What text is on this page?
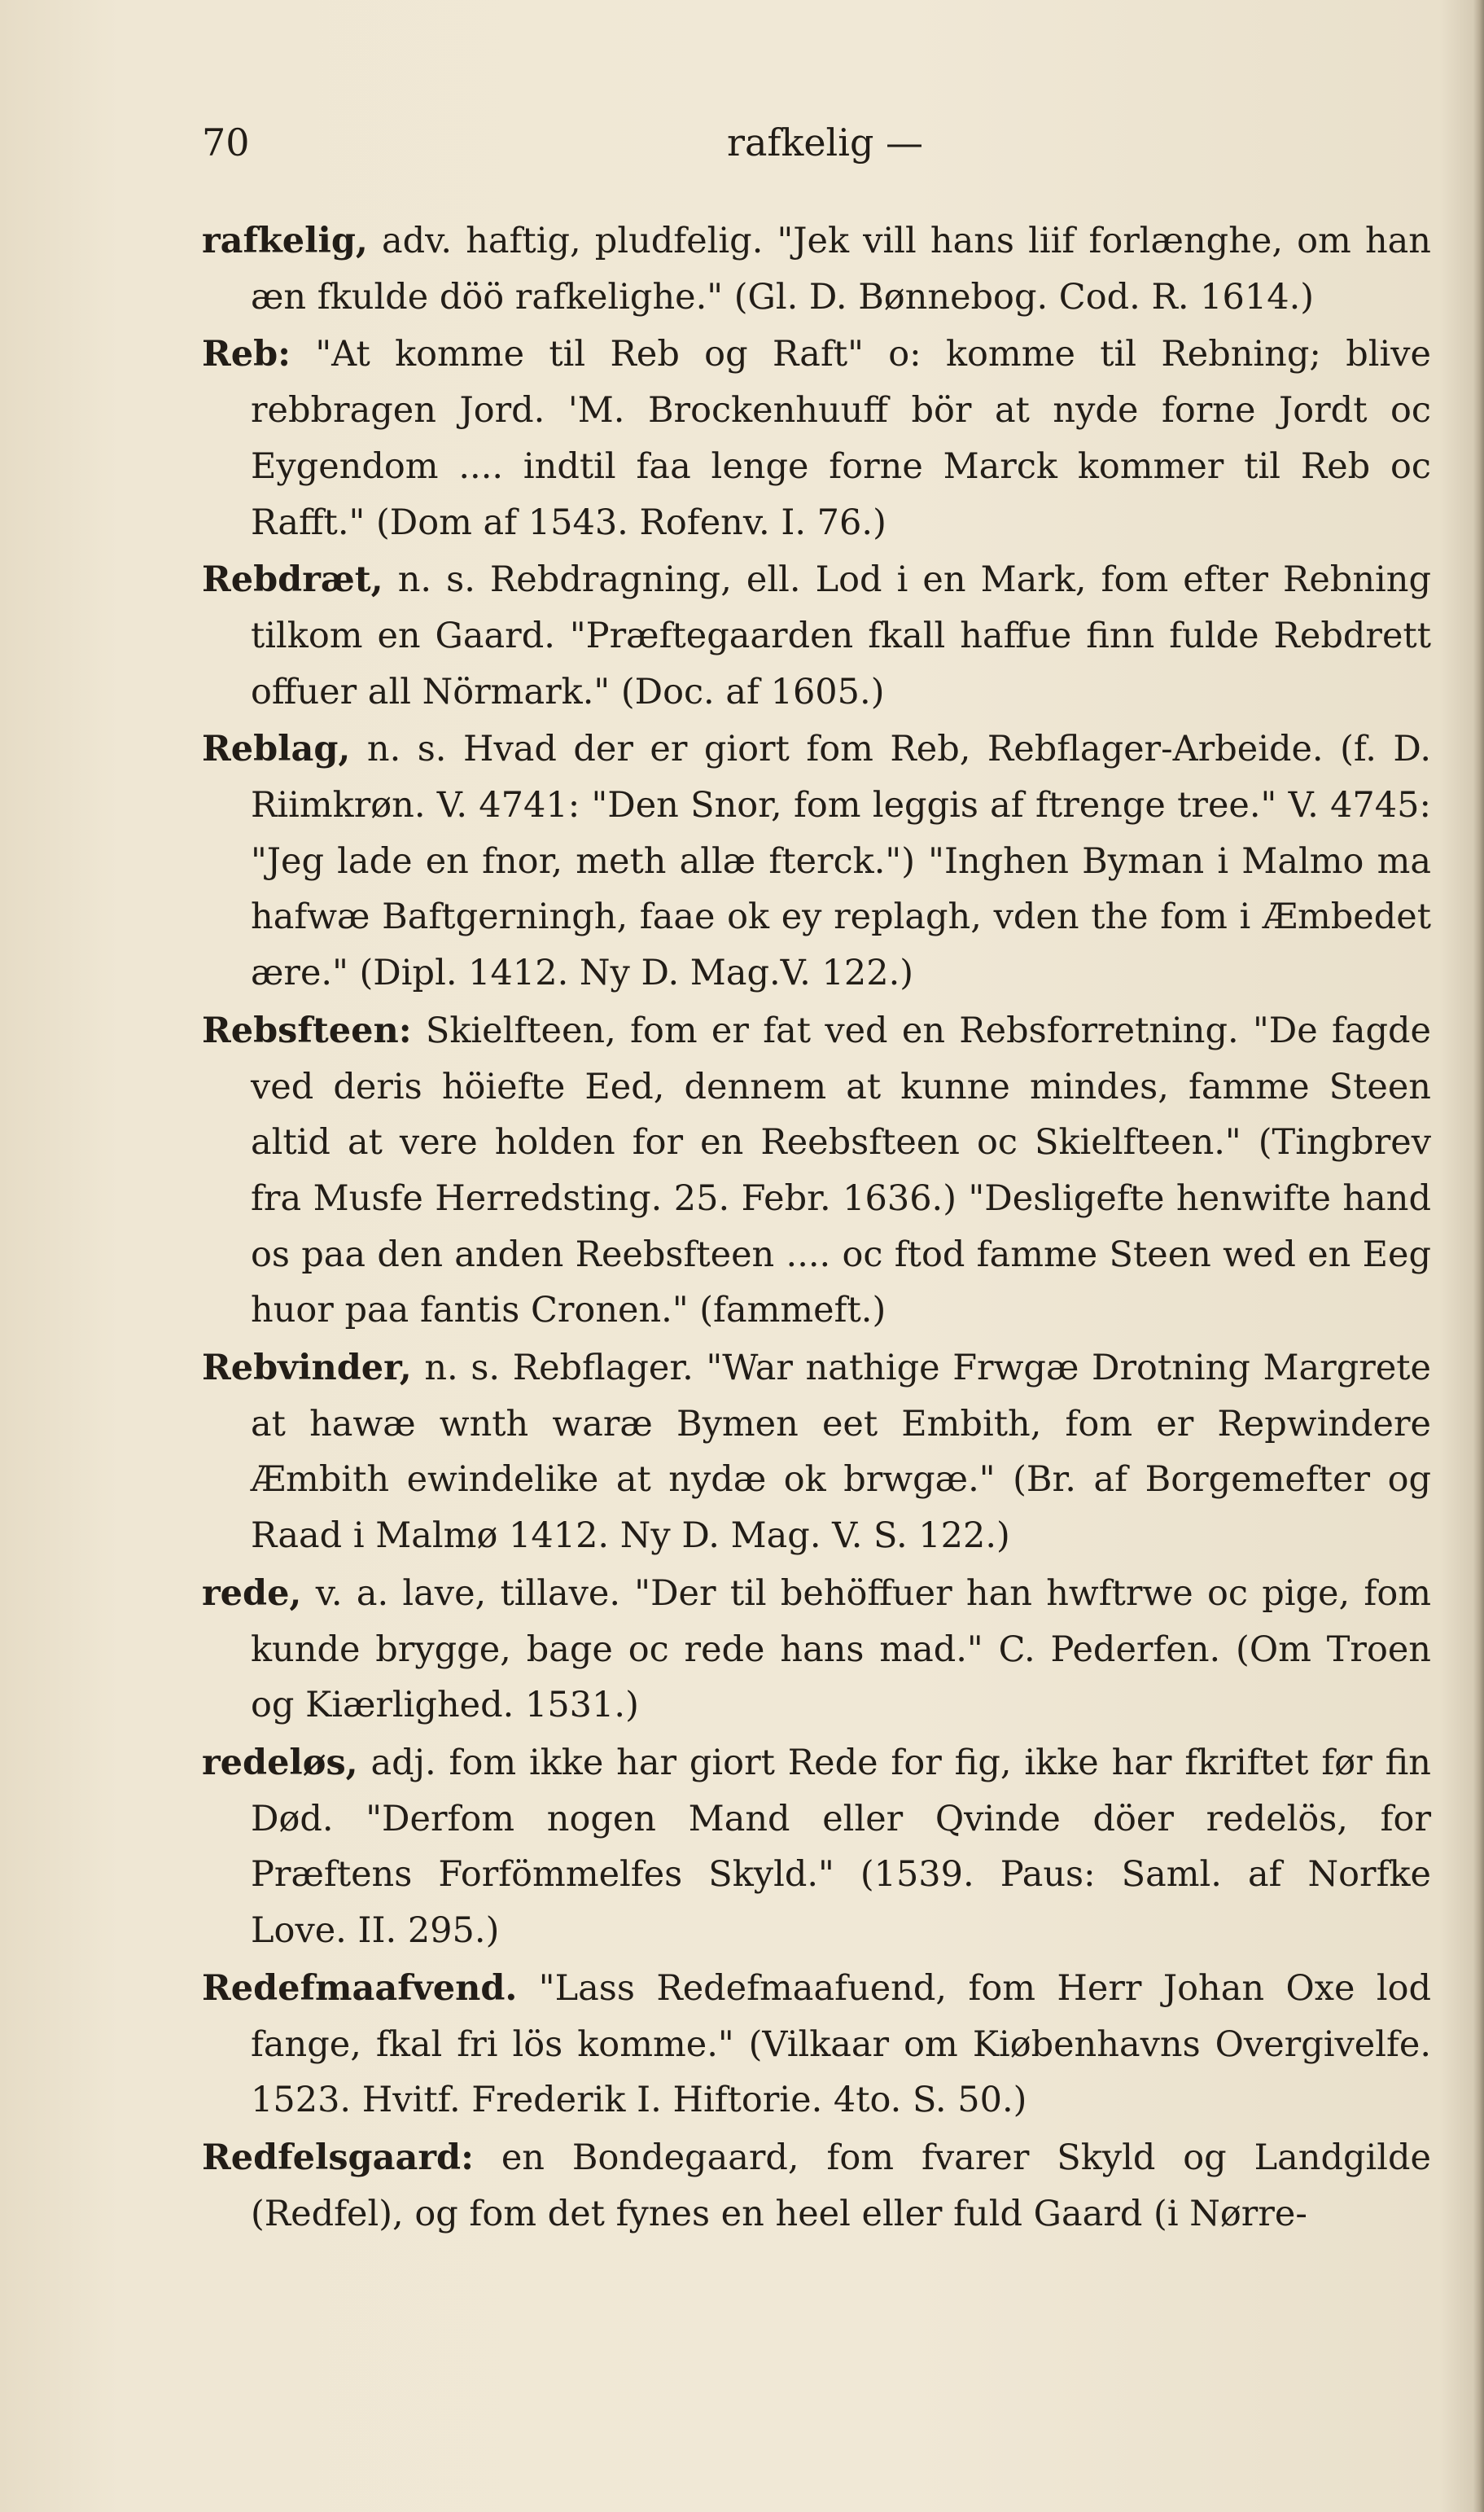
70	rafkelig —

rafkelig, adv. haftig, pludfelig. "Jek vill hans liif forlænghe, om han æn fkulde döö rafkelighe." (Gl. D. Bønnebog. Cod. R. 1614.)

Reb: "At komme til Reb og Raft" o: komme til Rebning; blive rebbragen Jord. 'M. Brockenhuuff bör at nyde forne Jordt oc Eygendom .... indtil faa lenge forne Marck kommer til Reb oc Rafft." (Dom af 1543. Rofenv. I. 76.)

Rebdræt, n. s. Rebdragning, ell. Lod i en Mark, fom efter Rebning tilkom en Gaard. "Præftegaarden fkall haffue finn fulde Rebdrett offuer all Nörmark." (Doc. af 1605.)

Reblag, n. s. Hvad der er giort fom Reb, Rebflager-Arbeide. (f. D. Riimkrøn. V. 4741: "Den Snor, fom leggis af ftrenge tree." V. 4745: "Jeg lade en fnor, meth allæ fterck.") "Inghen Byman i Malmo ma hafwæ Baftgerningh, faae ok ey replagh, vden the fom i Æmbedet ære." (Dipl. 1412. Ny D. Mag.V. 122.)

Rebsfteen: Skielfteen, fom er fat ved en Rebsforretning. "De fagde ved deris höiefte Eed, dennem at kunne mindes, famme Steen altid at vere holden for en Reebsfteen oc Skielfteen." (Tingbrev fra Musfe Herredsting. 25. Febr. 1636.) "Desligefte henwifte hand os paa den anden Reebsfteen .... oc ftod famme Steen wed en Eeg huor paa fantis Cronen." (fammeft.)

Rebvinder, n. s. Rebflager. "War nathige Frwgæ Drotning Margrete at hawæ wnth waræ Bymen eet Embith, fom er Repwindere Æmbith ewindelike at nydæ ok brwgæ." (Br. af Borgemefter og Raad i Malmø 1412. Ny D. Mag. V. S. 122.)

rede, v. a. lave, tillave. "Der til behöffuer han hwftrwe oc pige, fom kunde brygge, bage oc rede hans mad." C. Pederfen. (Om Troen og Kiærlighed. 1531.)

redeløs, adj. fom ikke har giort Rede for fig, ikke har fkriftet før fin Død. "Derfom nogen Mand eller Qvinde döer redelös, for Præftens Forfömmelfes Skyld." (1539. Paus: Saml. af Norfke Love. II. 295.)

Redefmaafvend. "Lass Redefmaafuend, fom Herr Johan Oxe lod fange, fkal fri lös komme." (Vilkaar om Kiøbenhavns Overgivelfe. 1523. Hvitf. Frederik I. Hiftorie. 4to. S. 50.)

Redfelsgaard: en Bondegaard, fom fvarer Skyld og Landgilde (Redfel), og fom det fynes en heel eller fuld Gaard (i Nørre-
